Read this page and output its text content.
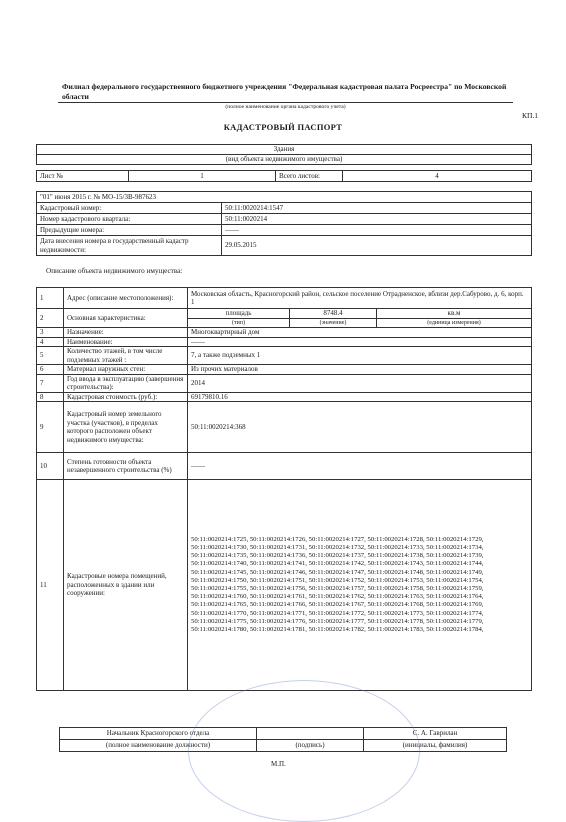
Филиал федерального государственного бюджетного учреждения "Федеральная кадастровая палата Росреестра" по Московской области
(полное наименование органа кадастрового учета)
КП.1
КАДАСТРОВЫЙ ПАСПОРТ
Здания
(вид объекта недвижимого имущества)
Лист №	1	Всего листов:	4
"01" июня 2015 г. № МО-15/3В-987623	
Кадастровый номер:	50:11:0020214:1547
Номер кадастрового квартала:	50:11:0020214
Предыдущие номера:	——
Дата внесения номера в государственный кадастр недвижимости:	29.05.2015
Описание объекта недвижимого имущества:
1	Адрес (описание местоположения):	Московская область, Красногорский район, сельское поселение Отрадненское, вблизи дер.Сабурово, д. 6, корп. 1		
2	Основная характеристика:	площадь	8748.4	кв.м
		(тип)	(значение)	(единица измерения)
3	Назначение:	Многоквартирный дом		
4	Наименование:	——		
5	Количество этажей, в том числе подземных этажей :	7, а также подземных 1		
6	Материал наружных стен:	Из прочих материалов		
7	Год ввода в эксплуатацию (завершения строительства):	2014		
8	Кадастровая стоимость (руб.):	69179810.16		
9	Кадастровый номер земельного участка (участков), в пределах которого расположен объект недвижимого имущества:	50:11:0020214:368		
10	Степень готовности объекта незавершенного строительства (%)	——		
11	Кадастровые номера помещений, расположенных в здании или сооружении:	50:11:0020214:1725, 50:11:0020214:1726, 50:11:0020214:1727, 50:11:0020214:1728, 50:11:0020214:1729, 50:11:0020214:1730, 50:11:0020214:1731, 50:11:0020214:1732, 50:11:0020214:1733, 50:11:0020214:1734, 50:11:0020214:1735, 50:11:0020214:1736, 50:11:0020214:1737, 50:11:0020214:1738, 50:11:0020214:1739, 50:11:0020214:1740, 50:11:0020214:1741, 50:11:0020214:1742, 50:11:0020214:1743, 50:11:0020214:1744, 50:11:0020214:1745, 50:11:0020214:1746, 50:11:0020214:1747, 50:11:0020214:1748, 50:11:0020214:1749, 50:11:0020214:1750, 50:11:0020214:1751, 50:11:0020214:1752, 50:11:0020214:1753, 50:11:0020214:1754, 50:11:0020214:1755, 50:11:0020214:1756, 50:11:0020214:1757, 50:11:0020214:1758, 50:11:0020214:1759, 50:11:0020214:1760, 50:11:0020214:1761, 50:11:0020214:1762, 50:11:0020214:1763, 50:11:0020214:1764, 50:11:0020214:1765, 50:11:0020214:1766, 50:11:0020214:1767, 50:11:0020214:1768, 50:11:0020214:1769, 50:11:0020214:1770, 50:11:0020214:1771, 50:11:0020214:1772, 50:11:0020214:1773, 50:11:0020214:1774, 50:11:0020214:1775, 50:11:0020214:1776, 50:11:0020214:1777, 50:11:0020214:1778, 50:11:0020214:1779, 50:11:0020214:1780, 50:11:0020214:1781, 50:11:0020214:1782, 50:11:0020214:1783, 50:11:0020214:1784,		
Начальник Красногорского отдела		С. А. Гаврилан
(полное наименование должности)	(подпись)	(инициалы, фамилия)
М.П.
